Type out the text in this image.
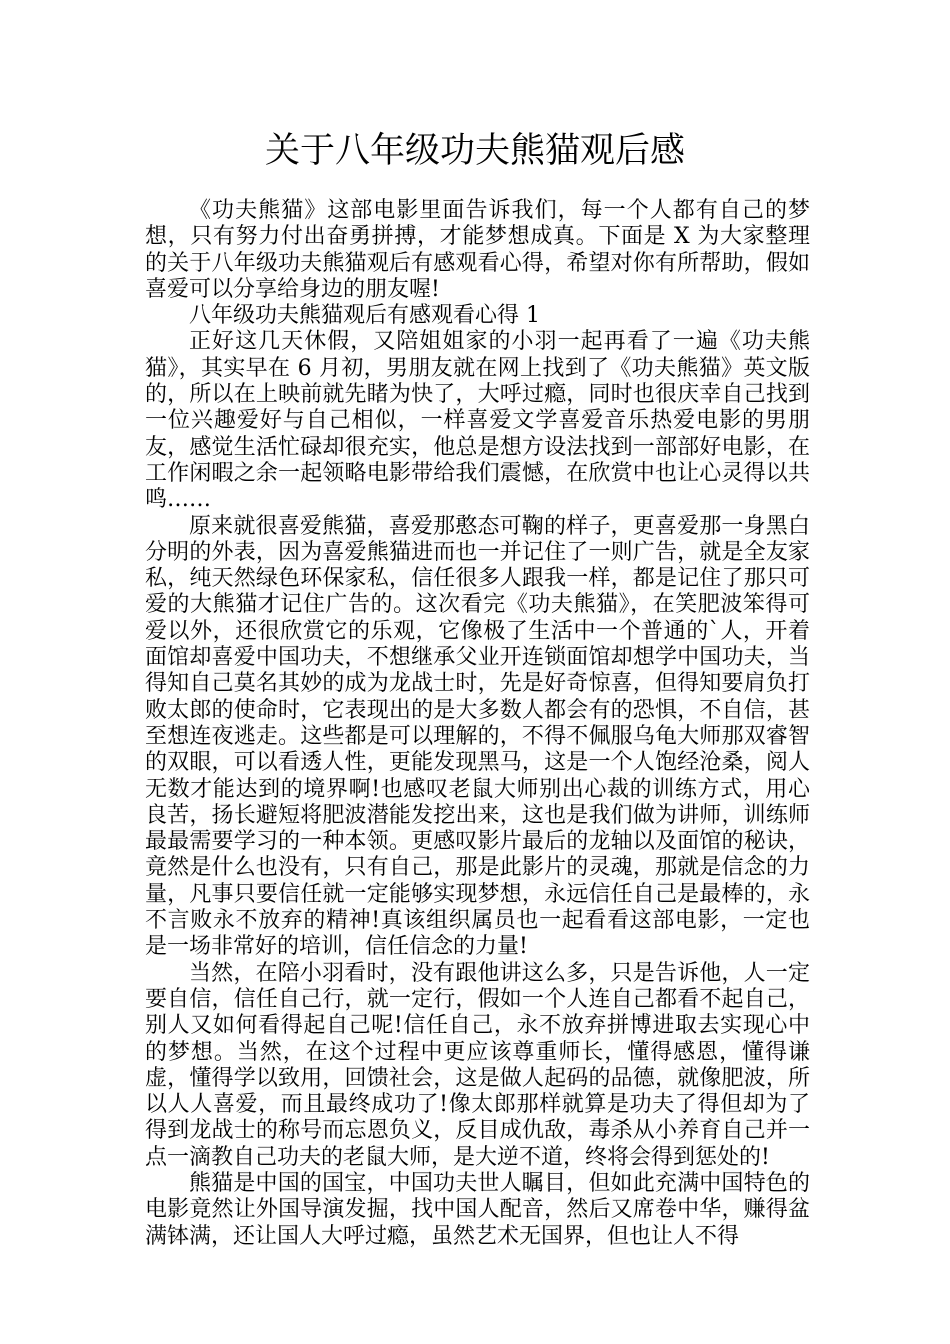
关于八年级功夫熊猫观后感

《功夫熊猫》这部电影里面告诉我们，每一个人都有自己的梦想，只有努力付出奋勇拼搏，才能梦想成真。下面是 X 为大家整理的关于八年级功夫熊猫观后有感观看心得，希望对你有所帮助，假如喜爱可以分享给身边的朋友喔!

八年级功夫熊猫观后有感观看心得 1

正好这几天休假，又陪姐姐家的小羽一起再看了一遍《功夫熊猫》，其实早在 6 月初，男朋友就在网上找到了《功夫熊猫》英文版的，所以在上映前就先睹为快了，大呼过瘾，同时也很庆幸自己找到一位兴趣爱好与自己相似，一样喜爱文学喜爱音乐热爱电影的男朋友，感觉生活忙碌却很充实，他总是想方设法找到一部部好电影，在工作闲暇之余一起领略电影带给我们震憾，在欣赏中也让心灵得以共鸣……

原来就很喜爱熊猫，喜爱那憨态可鞠的样子，更喜爱那一身黑白分明的外表，因为喜爱熊猫进而也一并记住了一则广告，就是全友家私，纯天然绿色环保家私，信任很多人跟我一样，都是记住了那只可爱的大熊猫才记住广告的。这次看完《功夫熊猫》，在笑肥波笨得可爱以外，还很欣赏它的乐观，它像极了生活中一个普通的`人，开着面馆却喜爱中国功夫，不想继承父业开连锁面馆却想学中国功夫，当得知自己莫名其妙的成为龙战士时，先是好奇惊喜，但得知要肩负打败太郎的使命时，它表现出的是大多数人都会有的恐惧，不自信，甚至想连夜逃走。这些都是可以理解的，不得不佩服乌龟大师那双睿智的双眼，可以看透人性，更能发现黑马，这是一个人饱经沧桑，阅人无数才能达到的境界啊!也感叹老鼠大师别出心裁的训练方式，用心良苦，扬长避短将肥波潜能发挖出来，这也是我们做为讲师，训练师最最需要学习的一种本领。更感叹影片最后的龙轴以及面馆的秘诀，竟然是什么也没有，只有自己，那是此影片的灵魂，那就是信念的力量，凡事只要信任就一定能够实现梦想，永远信任自己是最棒的，永不言败永不放弃的精神!真该组织属员也一起看看这部电影，一定也是一场非常好的培训，信任信念的力量!

当然，在陪小羽看时，没有跟他讲这么多，只是告诉他，人一定要自信，信任自己行，就一定行，假如一个人连自己都看不起自己，别人又如何看得起自己呢!信任自己，永不放弃拼博进取去实现心中的梦想。当然，在这个过程中更应该尊重师长，懂得感恩，懂得谦虚，懂得学以致用，回馈社会，这是做人起码的品德，就像肥波，所以人人喜爱，而且最终成功了!像太郎那样就算是功夫了得但却为了得到龙战士的称号而忘恩负义，反目成仇敌，毒杀从小养育自己并一点一滴教自己功夫的老鼠大师，是大逆不道，终将会得到惩处的!

熊猫是中国的国宝，中国功夫世人瞩目，但如此充满中国特色的电影竟然让外国导演发掘，找中国人配音，然后又席卷中华，赚得盆满钵满，还让国人大呼过瘾，虽然艺术无国界，但也让人不得
